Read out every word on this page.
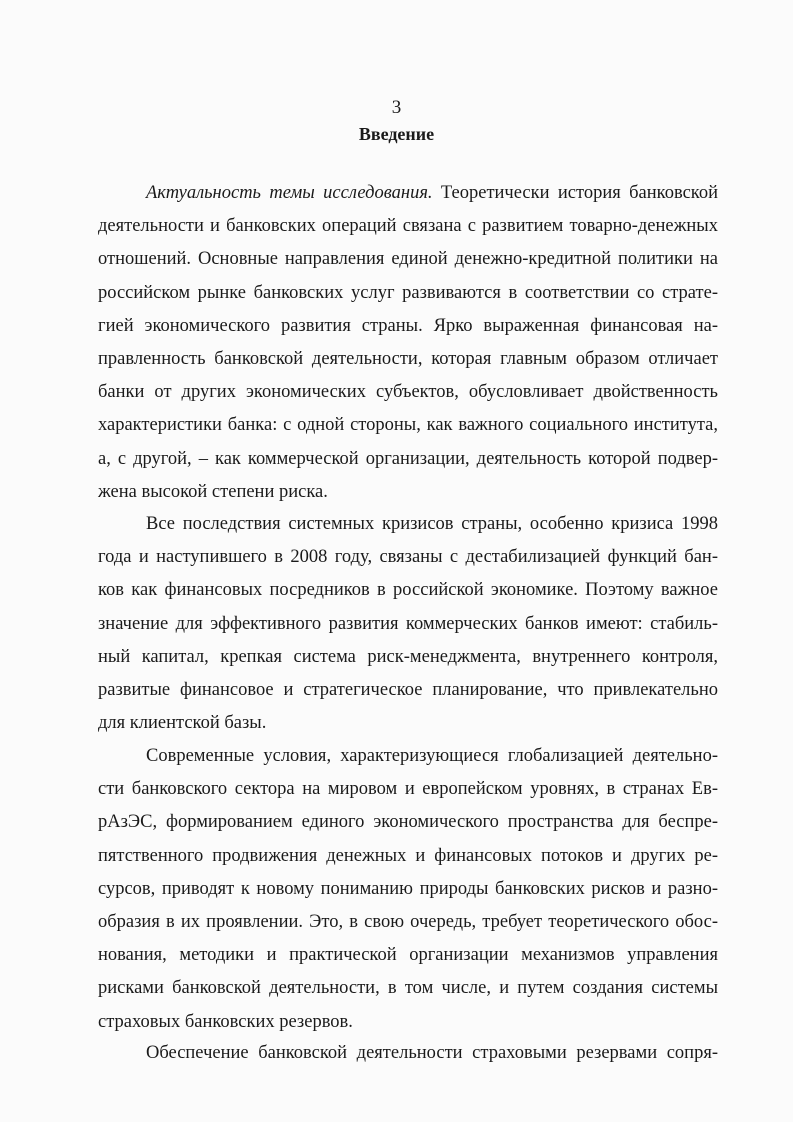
3
Введение
Актуальность темы исследования. Теоретически история банковской
деятельности и банковских операций связана с развитием товарно-денежных
отношений. Основные направления единой денежно-кредитной политики на
российском рынке банковских услуг развиваются в соответствии со страте-
гией экономического развития страны. Ярко выраженная финансовая на-
правленность банковской деятельности, которая главным образом отличает
банки от других экономических субъектов, обусловливает двойственность
характеристики банка: с одной стороны, как важного социального института,
а, с другой, – как коммерческой организации, деятельность которой подвер-
жена высокой степени риска.
Все последствия системных кризисов страны, особенно кризиса 1998
года и наступившего в 2008 году, связаны с дестабилизацией функций бан-
ков как финансовых посредников в российской экономике. Поэтому важное
значение для эффективного развития коммерческих банков имеют: стабиль-
ный капитал, крепкая система риск-менеджмента, внутреннего контроля,
развитые финансовое и стратегическое планирование, что привлекательно
для клиентской базы.
Современные условия, характеризующиеся глобализацией деятельно-
сти банковского сектора на мировом и европейском уровнях, в странах Ев-
рАзЭС, формированием единого экономического пространства для беспре-
пятственного продвижения денежных и финансовых потоков и других ре-
сурсов, приводят к новому пониманию природы банковских рисков и разно-
образия в их проявлении. Это, в свою очередь, требует теоретического обос-
нования, методики и практической организации механизмов управления
рисками банковской деятельности, в том числе, и путем создания системы
страховых банковских резервов.
Обеспечение банковской деятельности страховыми резервами сопря-
